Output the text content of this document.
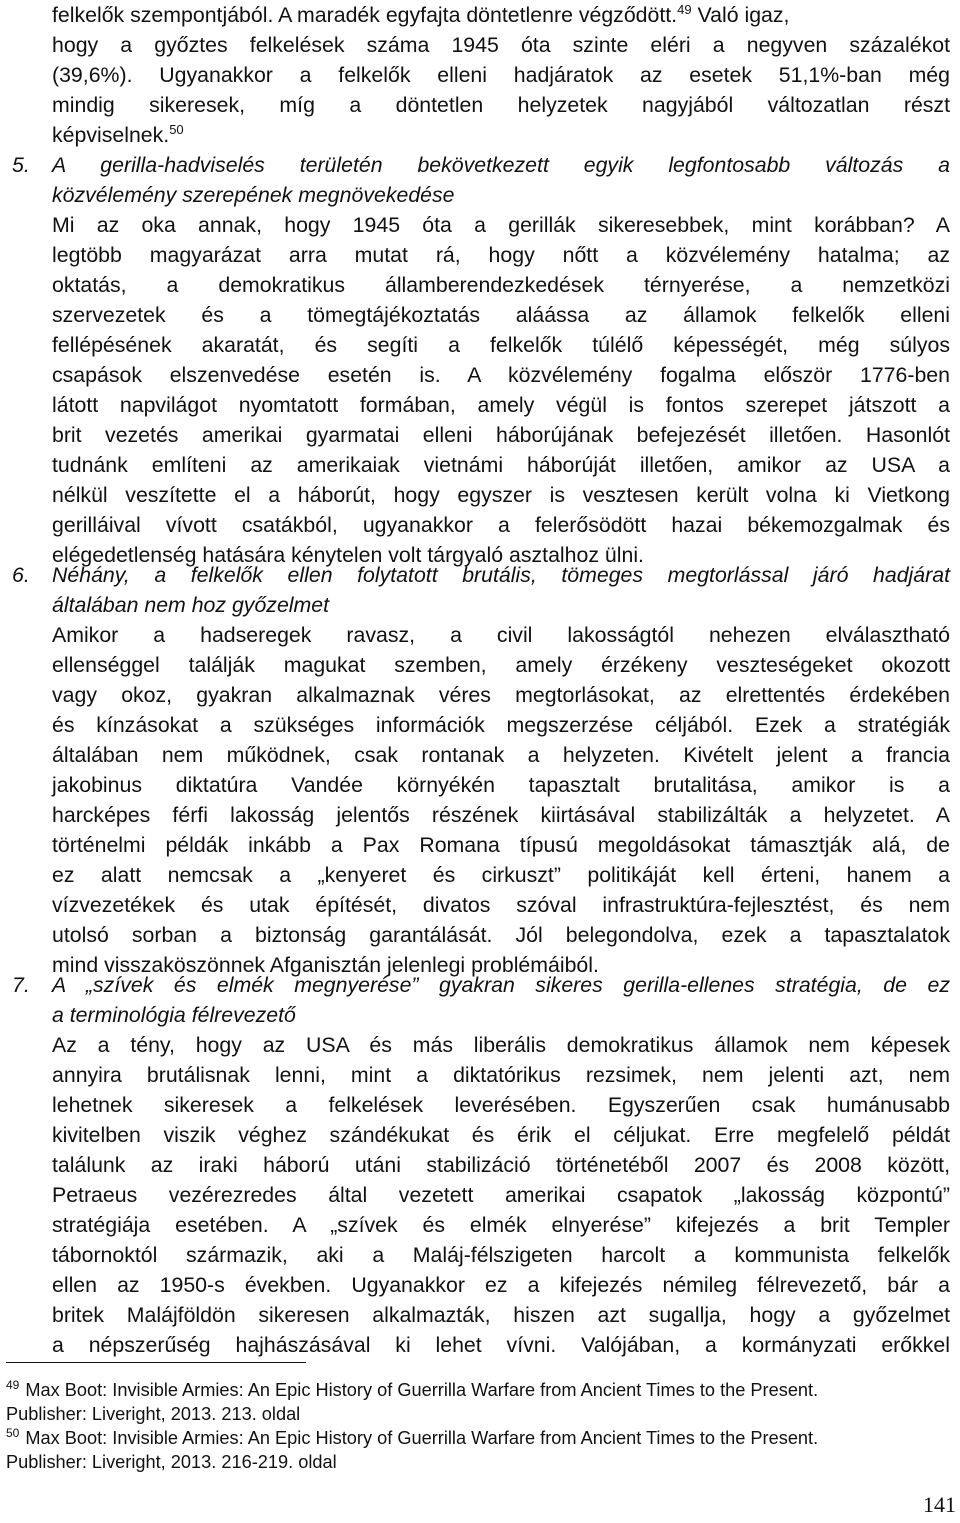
felkelők szempontjából. A maradék egyfajta döntetlenre végződött.$^{49}$ Való igaz,
hogy a győztes felkelések száma 1945 óta szinte eléri a negyven százalékot
(39,6%). Ugyanakkor a felkelők elleni hadjáratok az esetek 51,1%-ban még
mindig sikeresek, míg a döntetlen helyzetek nagyjából változatlan részt
képviselnek.$^{50}$
5. A gerilla-hadviselés területén bekövetkezett egyik legfontosabb változás a
közvélemény szerepének megnövekedése
Mi az oka annak, hogy 1945 óta a gerillák sikeresebbek, mint korábban? A
legtöbb magyarázat arra mutat rá, hogy nőtt a közvélemény hatalma; az
oktatás, a demokratikus államberendezkedések térnyerése, a nemzetközi
szervezetek és a tömegtájékoztatás aláássa az államok felkelők elleni
fellépésének akaratát, és segíti a felkelők túlélő képességét, még súlyos
csapások elszenvedése esetén is. A közvélemény fogalma először 1776-ben
látott napvilágot nyomtatott formában, amely végül is fontos szerepet játszott a
brit vezetés amerikai gyarmatai elleni háborújának befejezését illetően. Hasonlót
tudnánk említeni az amerikaiak vietnámi háborúját illetően, amikor az USA a
nélkül veszítette el a háborút, hogy egyszer is vesztesen került volna ki Vietkong
gerilláival vívott csatákból, ugyanakkor a felerősödött hazai békemozgalmak és
elégedetlenség hatására kénytelen volt tárgyaló asztalhoz ülni.
6. Néhány, a felkelők ellen folytatott brutális, tömeges megtorlással járó hadjárat
általában nem hoz győzelmet
Amikor a hadseregek ravasz, a civil lakosságtól nehezen elválasztható
ellenséggel találják magukat szemben, amely érzékeny veszteségeket okozott
vagy okoz, gyakran alkalmaznak véres megtorlásokat, az elrettentés érdekében
és kínzásokat a szükséges információk megszerzése céljából. Ezek a stratégiák
általában nem működnek, csak rontanak a helyzeten. Kivételt jelent a francia
jakobinus diktatúra Vandée környékén tapasztalt brutalitása, amikor is a
harcképes férfi lakosság jelentős részének kiirtásával stabilizálták a helyzetet. A
történelmi példák inkább a Pax Romana típusú megoldásokat támasztják alá, de
ez alatt nemcsak a „kenyeret és cirkuszt” politikáját kell érteni, hanem a
vízvezetékek és utak építését, divatos szóval infrastruktúra-fejlesztést, és nem
utolsó sorban a biztonság garantálását. Jól belegondolva, ezek a tapasztalatok
mind visszaköszönnek Afganisztán jelenlegi problémáiból.
7. A „szívek és elmék megnyerése” gyakran sikeres gerilla-ellenes stratégia, de ez
a terminológia félrevezető
Az a tény, hogy az USA és más liberális demokratikus államok nem képesek
annyira brutálisnak lenni, mint a diktatórikus rezsimek, nem jelenti azt, nem
lehetnek sikeresek a felkelések leverésében. Egyszerűen csak humánusabb
kivitelben viszik véghez szándékukat és érik el céljukat. Erre megfelelő példát
találunk az iraki háború utáni stabilizáció történetéből 2007 és 2008 között,
Petraeus vezérezredes által vezetett amerikai csapatok „lakosság központú”
stratégiája esetében. A „szívek és elmék elnyerése” kifejezés a brit Templer
tábornoktól származik, aki a Maláj-félszigeten harcolt a kommunista felkelők
ellen az 1950-s években. Ugyanakkor ez a kifejezés némileg félrevezető, bár a
britek Malájföldön sikeresen alkalmazták, hiszen azt sugallja, hogy a győzelmet
a népszerűség hajhászásával ki lehet vívni. Valójában, a kormányzati erőkkel
$^{49}$ Max Boot: Invisible Armies: An Epic History of Guerrilla Warfare from Ancient Times to the Present.
Publisher: Liveright, 2013. 213. oldal
$^{50}$ Max Boot: Invisible Armies: An Epic History of Guerrilla Warfare from Ancient Times to the Present.
Publisher: Liveright, 2013. 216-219. oldal
141
